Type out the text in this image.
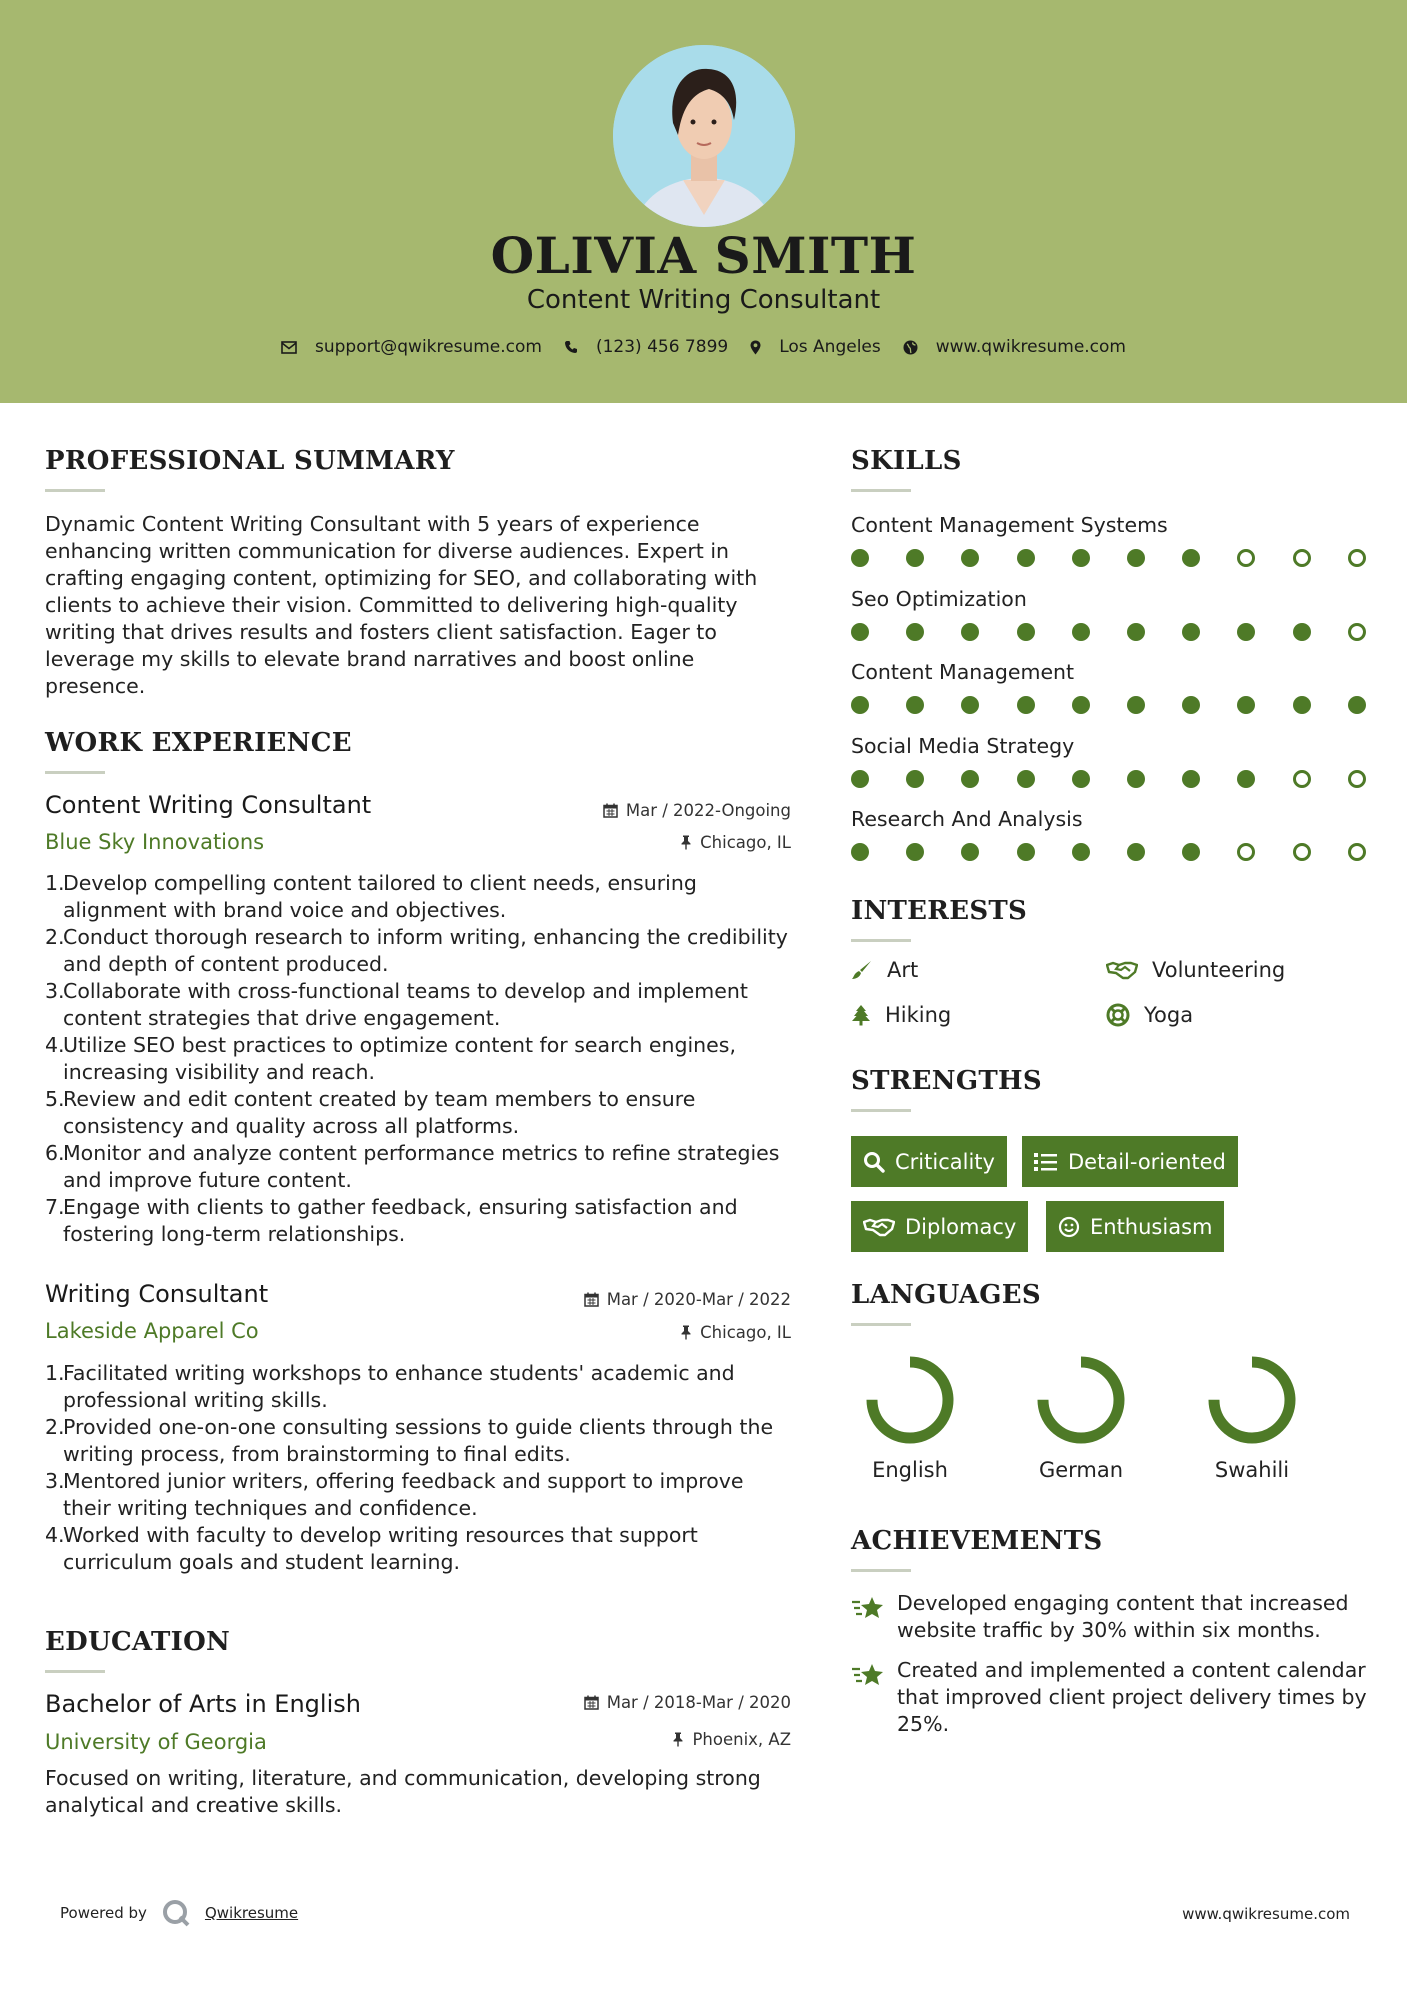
OLIVIA SMITH
Content Writing Consultant
support@qwikresume.com	(123) 456 7899	Los Angeles	www.qwikresume.com
PROFESSIONAL SUMMARY
Dynamic Content Writing Consultant with 5 years of experience enhancing written communication for diverse audiences. Expert in crafting engaging content, optimizing for SEO, and collaborating with clients to achieve their vision. Committed to delivering high-quality writing that drives results and fosters client satisfaction. Eager to leverage my skills to elevate brand narratives and boost online presence.
WORK EXPERIENCE
Content Writing Consultant	Mar / 2022-Ongoing
Blue Sky Innovations	Chicago, IL
1.
Develop compelling content tailored to client needs, ensuring alignment with brand voice and objectives.
2.
Conduct thorough research to inform writing, enhancing the credibility and depth of content produced.
3.
Collaborate with cross-functional teams to develop and implement content strategies that drive engagement.
4.
Utilize SEO best practices to optimize content for search engines, increasing visibility and reach.
5.
Review and edit content created by team members to ensure consistency and quality across all platforms.
6.
Monitor and analyze content performance metrics to refine strategies and improve future content.
7.
Engage with clients to gather feedback, ensuring satisfaction and fostering long-term relationships.
Writing Consultant	Mar / 2020-Mar / 2022
Lakeside Apparel Co	Chicago, IL
1.
Facilitated writing workshops to enhance students' academic and professional writing skills.
2.
Provided one-on-one consulting sessions to guide clients through the writing process, from brainstorming to final edits.
3.
Mentored junior writers, offering feedback and support to improve their writing techniques and confidence.
4.
Worked with faculty to develop writing resources that support curriculum goals and student learning.
EDUCATION
Bachelor of Arts in English	Mar / 2018-Mar / 2020
University of Georgia	Phoenix, AZ
Focused on writing, literature, and communication, developing strong analytical and creative skills.
SKILLS
Content Management Systems
Seo Optimization
Content Management
Social Media Strategy
Research And Analysis
INTERESTS
Art	Volunteering
Hiking	Yoga
STRENGTHS
Criticality	Detail-oriented
Diplomacy	Enthusiasm
LANGUAGES
English	German	Swahili
ACHIEVEMENTS
Developed engaging content that increased website traffic by 30% within six months.
Created and implemented a content calendar that improved client project delivery times by 25%.
Powered by	Qwikresume	www.qwikresume.com
